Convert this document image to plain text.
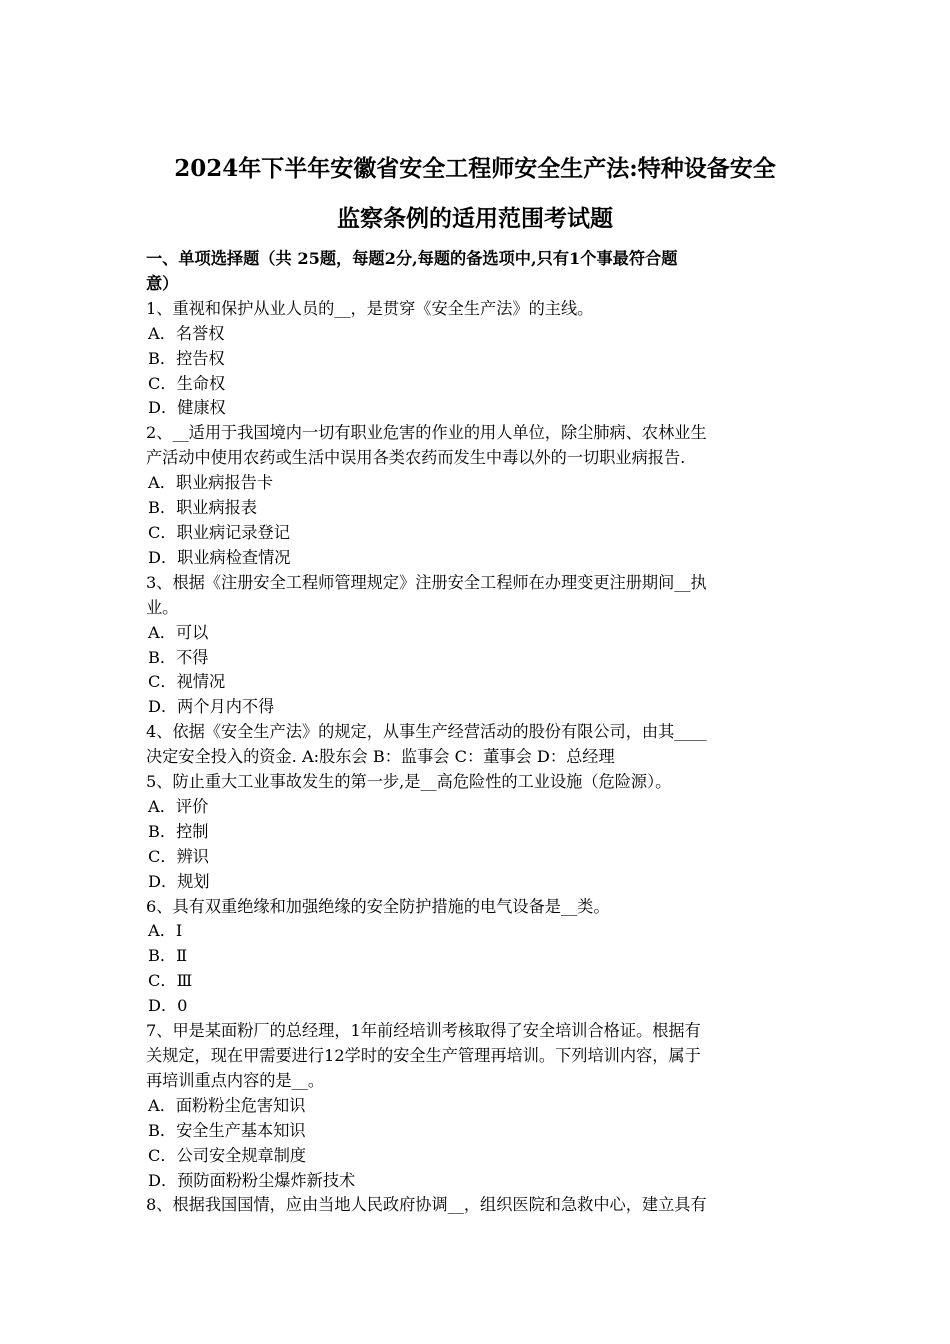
2024年下半年安徽省安全工程师安全生产法:特种设备安全
监察条例的适用范围考试题
一、单项选择题（共 25题，每题2分,每题的备选项中,只有1个事最符合题
意）
1、重视和保护从业人员的__，是贯穿《安全生产法》的主线。
A．名誉权
B．控告权
C．生命权
D．健康权
2、__适用于我国境内一切有职业危害的作业的用人单位，除尘肺病、农林业生
产活动中使用农药或生活中误用各类农药而发生中毒以外的一切职业病报告.
A．职业病报告卡
B．职业病报表
C．职业病记录登记
D．职业病检查情况
3、根据《注册安全工程师管理规定》注册安全工程师在办理变更注册期间__执
业。
A．可以
B．不得
C．视情况
D．两个月内不得
4、依据《安全生产法》的规定，从事生产经营活动的股份有限公司，由其____
决定安全投入的资金. A:股东会 B：监事会 C：董事会 D：总经理
5、防止重大工业事故发生的第一步,是__高危险性的工业设施（危险源）。
A．评价
B．控制
C．辨识
D．规划
6、具有双重绝缘和加强绝缘的安全防护措施的电气设备是__类。
A．Ⅰ
B．Ⅱ
C．Ⅲ
D．0
7、甲是某面粉厂的总经理，1年前经培训考核取得了安全培训合格证。根据有
关规定，现在甲需要进行12学时的安全生产管理再培训。下列培训内容，属于
再培训重点内容的是__。
A．面粉粉尘危害知识
B．安全生产基本知识
C．公司安全规章制度
D．预防面粉粉尘爆炸新技术
8、根据我国国情，应由当地人民政府协调__，组织医院和急救中心，建立具有
